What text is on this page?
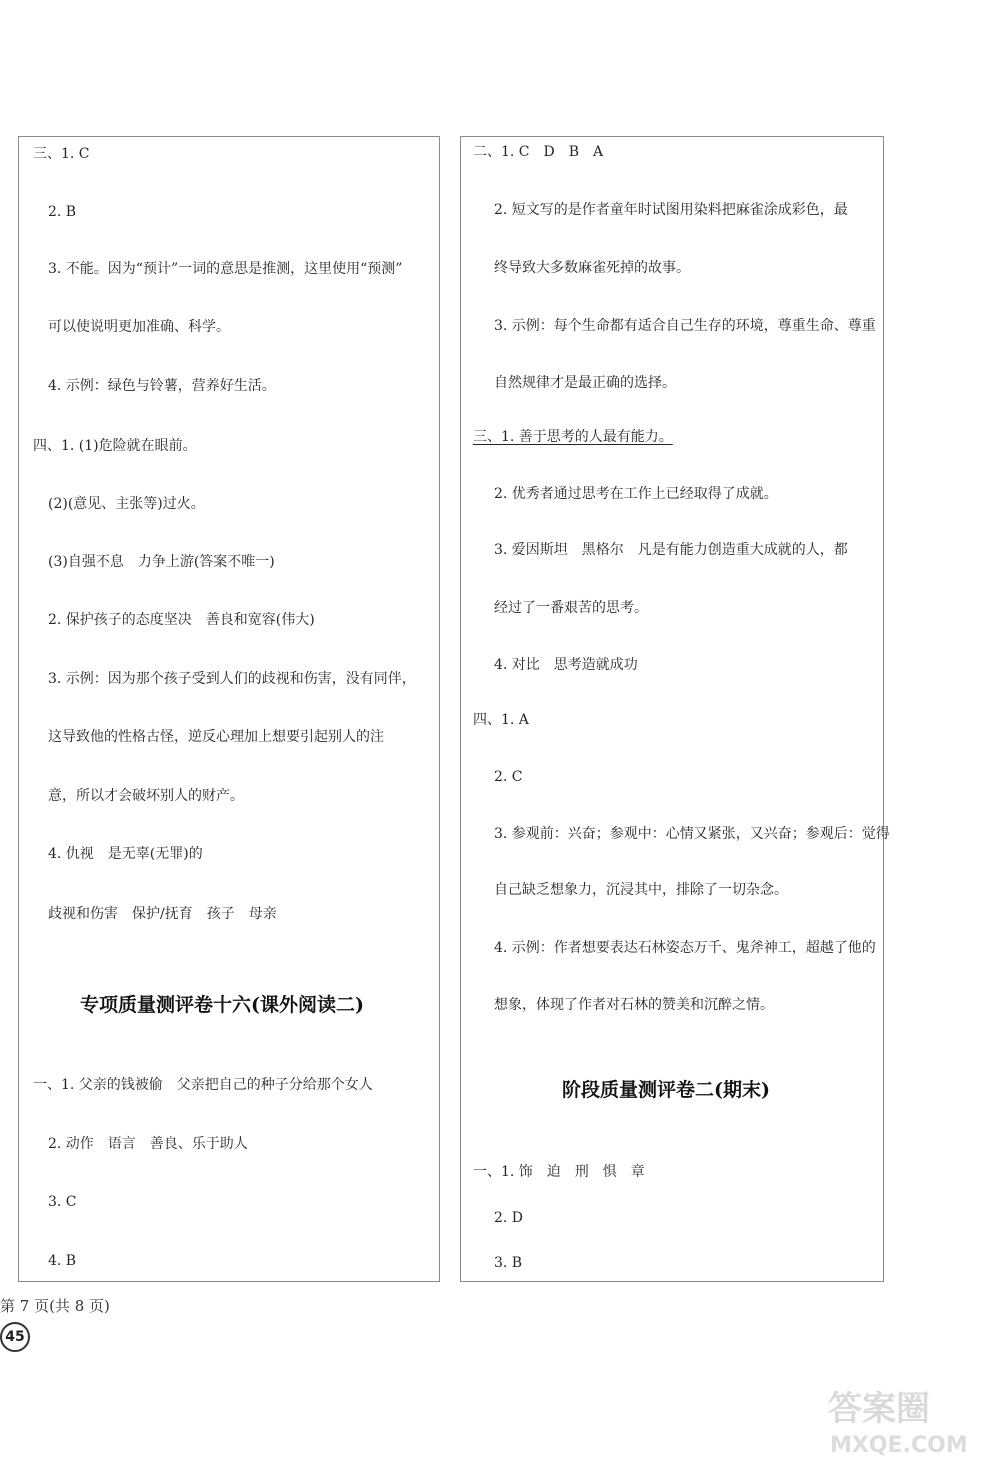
三、1. C
2. B
3. 不能。因为“预计”一词的意思是推测，这里使用“预测”
可以使说明更加准确、科学。
4. 示例：绿色与铃薯，营养好生活。
四、1. (1)危险就在眼前。
(2)(意见、主张等)过火。
(3)自强不息　力争上游(答案不唯一)
2. 保护孩子的态度坚决　善良和宽容(伟大)
3. 示例：因为那个孩子受到人们的歧视和伤害，没有同伴，
这导致他的性格古怪，逆反心理加上想要引起别人的注
意，所以才会破坏别人的财产。
4. 仇视　是无辜(无罪)的
歧视和伤害　保护/抚育　孩子　母亲
专项质量测评卷十六(课外阅读二)
一、1. 父亲的钱被偷　父亲把自己的种子分给那个女人
2. 动作　语言　善良、乐于助人
3. C
4. B
二、1. C　D　B　A
2. 短文写的是作者童年时试图用染料把麻雀涂成彩色，最
终导致大多数麻雀死掉的故事。
3. 示例：每个生命都有适合自己生存的环境，尊重生命、尊重
自然规律才是最正确的选择。
三、1. 善于思考的人最有能力。
2. 优秀者通过思考在工作上已经取得了成就。
3. 爱因斯坦　黑格尔　凡是有能力创造重大成就的人，都
经过了一番艰苦的思考。
4. 对比　思考造就成功
四、1. A
2. C
3. 参观前：兴奋；参观中：心情又紧张，又兴奋；参观后：觉得
自己缺乏想象力，沉浸其中，排除了一切杂念。
4. 示例：作者想要表达石林姿态万千、鬼斧神工，超越了他的
想象，体现了作者对石林的赞美和沉醉之情。
阶段质量测评卷二(期末)
一、1. 饰　迫　刑　惧　章
2. D
3. B
第 7 页(共 8 页)
45
答案圈
MXQE.COM
